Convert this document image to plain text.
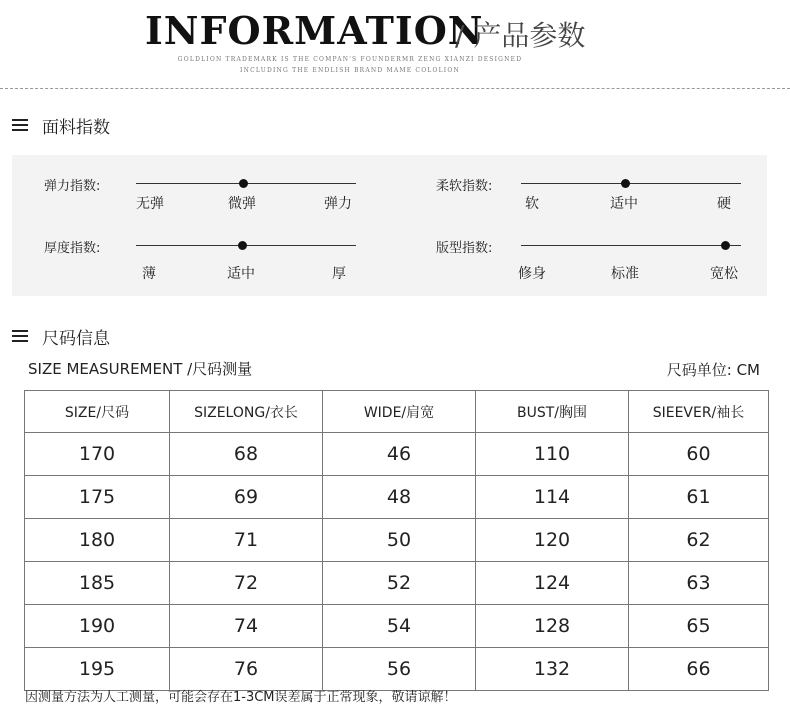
INFORMATION
/ 产品参数
GOLDLION TRADEMARK IS THE COMPAN'S FOUNDERMR ZENG XIANZI DESIGNED
INCLUDING THE ENDLISH BRAND MAME COLOLION
面料指数
弹力指数:
无弹	微弹	弹力
柔软指数:
软	适中	硬
厚度指数:
薄	适中	厚
版型指数:
修身	标准	宽松
尺码信息
SIZE MEASUREMENT /尺码测量	尺码单位: CM
SIZE/尺码	SIZELONG/衣长	WIDE/肩宽	BUST/胸围	SIEEVER/袖长
170	68	46	110	60
175	69	48	114	61
180	71	50	120	62
185	72	52	124	63
190	74	54	128	65
195	76	56	132	66
因测量方法为人工测量，可能会存在1-3CM误差属于正常现象，敬请谅解！
